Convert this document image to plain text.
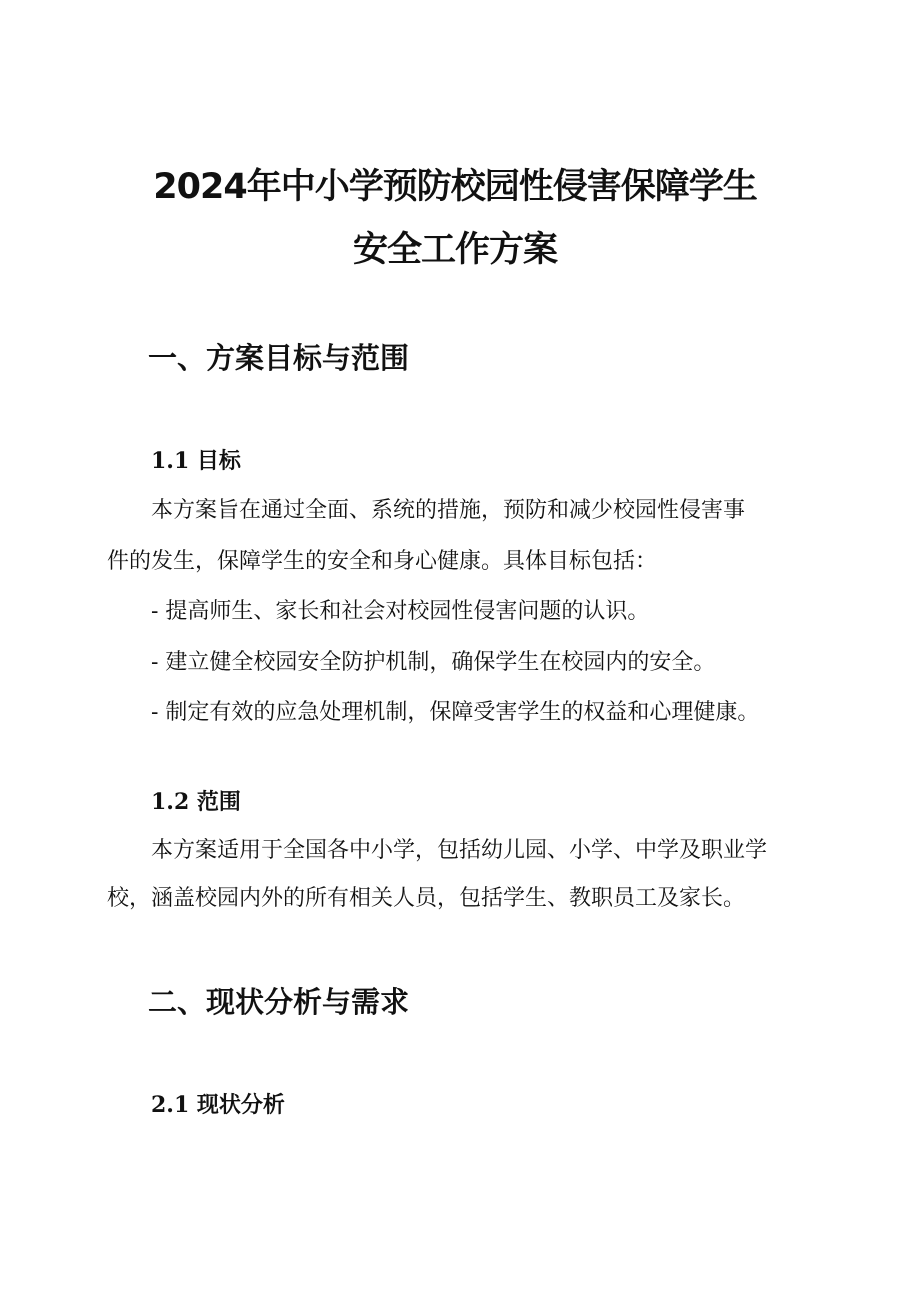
2024年中小学预防校园性侵害保障学生
安全工作方案
一、方案目标与范围
1.1 目标

本方案旨在通过全面、系统的措施，预防和减少校园性侵害事

件的发生，保障学生的安全和身心健康。具体目标包括：

- 提高师生、家长和社会对校园性侵害问题的认识。

- 建立健全校园安全防护机制，确保学生在校园内的安全。

- 制定有效的应急处理机制，保障受害学生的权益和心理健康。

1.2 范围

本方案适用于全国各中小学，包括幼儿园、小学、中学及职业学

校，涵盖校园内外的所有相关人员，包括学生、教职员工及家长。

二、现状分析与需求
2.1 现状分析
